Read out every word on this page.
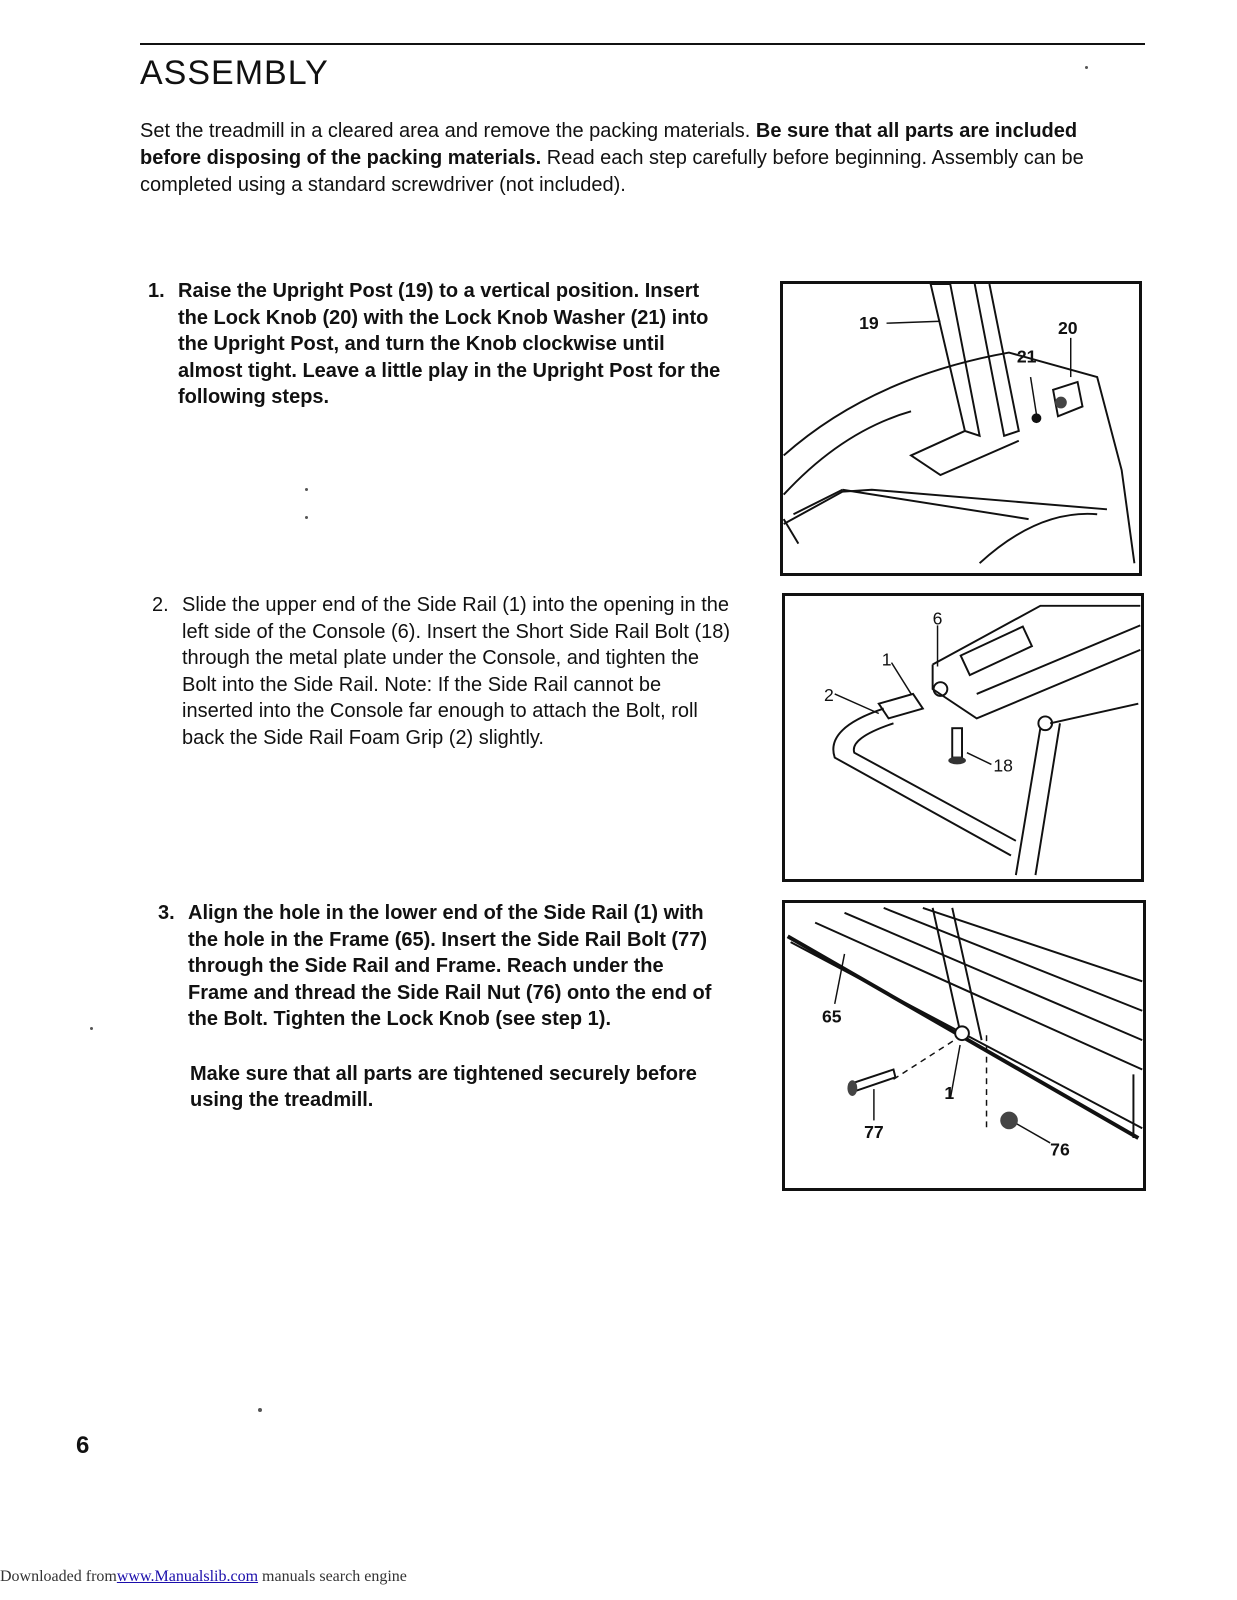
ASSEMBLY

Set the treadmill in a cleared area and remove the packing materials. Be sure that all parts are included before disposing of the packing materials. Read each step carefully before beginning. Assembly can be completed using a standard screwdriver (not included).

1. Raise the Upright Post (19) to a vertical position. Insert the Lock Knob (20) with the Lock Knob Washer (21) into the Upright Post, and turn the Knob clockwise until almost tight. Leave a little play in the Upright Post for the following steps.
2. Slide the upper end of the Side Rail (1) into the opening in the left side of the Console (6). Insert the Short Side Rail Bolt (18) through the metal plate under the Console, and tighten the Bolt into the Side Rail. Note: If the Side Rail cannot be inserted into the Console far enough to attach the Bolt, roll back the Side Rail Foam Grip (2) slightly.
3. Align the hole in the lower end of the Side Rail (1) with the hole in the Frame (65). Insert the Side Rail Bolt (77) through the Side Rail and Frame. Reach under the Frame and thread the Side Rail Nut (76) onto the end of the Bolt. Tighten the Lock Knob (see step 1).
Make sure that all parts are tightened securely before using the treadmill.
19	20
21
6
1
2
18
65
1
77
76
6
Downloaded fromwww.Manualslib.com manuals search engine
